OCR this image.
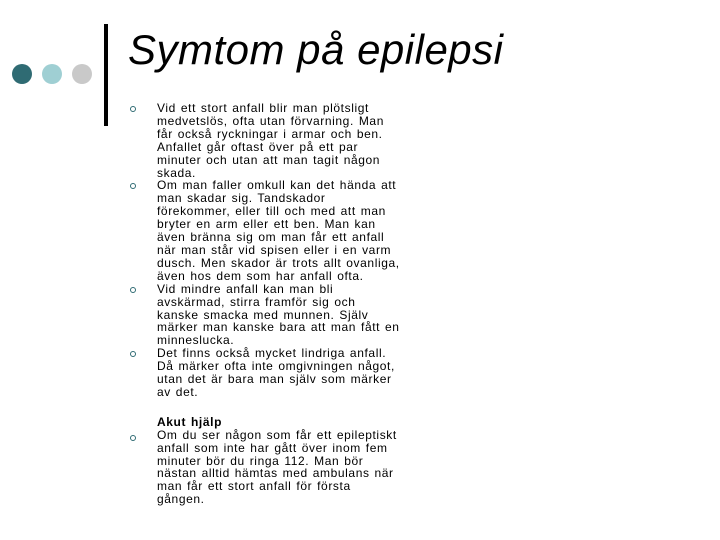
Symtom på epilepsi
Vid ett stort anfall blir man plötsligt medvetslös, ofta utan förvarning. Man får också ryckningar i armar och ben. Anfallet går oftast över på ett par minuter och utan att man tagit någon skada.
Om man faller omkull kan det hända att man skadar sig. Tandskador förekommer, eller till och med att man bryter en arm eller ett ben. Man kan även bränna sig om man får ett anfall när man står vid spisen eller i en varm dusch. Men skador är trots allt ovanliga, även hos dem som har anfall ofta.
Vid mindre anfall kan man bli avskärmad, stirra framför sig och kanske smacka med munnen. Själv märker man kanske bara att man fått en minneslucka.
Det finns också mycket lindriga anfall. Då märker ofta inte omgivningen något, utan det är bara man själv som märker av det.
Akut hjälp
Om du ser någon som får ett epileptiskt anfall som inte har gått över inom fem minuter bör du ringa 112. Man bör nästan alltid hämtas med ambulans när man får ett stort anfall för första gången.
